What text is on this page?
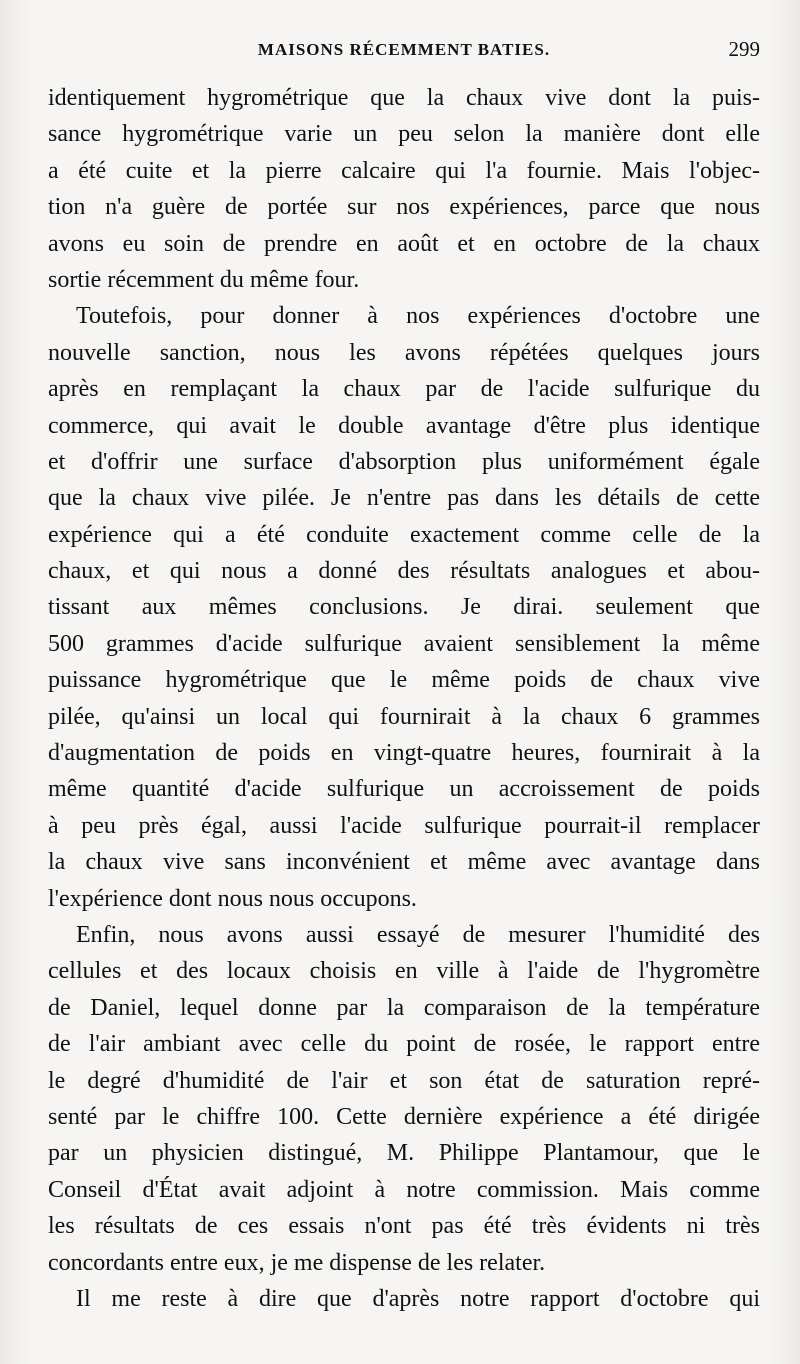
MAISONS RÉCEMMENT BATIES.	299
identiquement hygrométrique que la chaux vive dont la puis-
sance hygrométrique varie un peu selon la manière dont elle
a été cuite et la pierre calcaire qui l'a fournie. Mais l'objec-
tion n'a guère de portée sur nos expériences, parce que nous
avons eu soin de prendre en août et en octobre de la chaux
sortie récemment du même four.
Toutefois, pour donner à nos expériences d'octobre une
nouvelle sanction, nous les avons répétées quelques jours
après en remplaçant la chaux par de l'acide sulfurique du
commerce, qui avait le double avantage d'être plus identique
et d'offrir une surface d'absorption plus uniformément égale
que la chaux vive pilée. Je n'entre pas dans les détails de cette
expérience qui a été conduite exactement comme celle de la
chaux, et qui nous a donné des résultats analogues et abou-
tissant aux mêmes conclusions. Je dirai. seulement que
500 grammes d'acide sulfurique avaient sensiblement la même
puissance hygrométrique que le même poids de chaux vive
pilée, qu'ainsi un local qui fournirait à la chaux 6 grammes
d'augmentation de poids en vingt-quatre heures, fournirait à la
même quantité d'acide sulfurique un accroissement de poids
à peu près égal, aussi l'acide sulfurique pourrait-il remplacer
la chaux vive sans inconvénient et même avec avantage dans
l'expérience dont nous nous occupons.
Enfin, nous avons aussi essayé de mesurer l'humidité des
cellules et des locaux choisis en ville à l'aide de l'hygromètre
de Daniel, lequel donne par la comparaison de la température
de l'air ambiant avec celle du point de rosée, le rapport entre
le degré d'humidité de l'air et son état de saturation repré-
senté par le chiffre 100. Cette dernière expérience a été dirigée
par un physicien distingué, M. Philippe Plantamour, que le
Conseil d'État avait adjoint à notre commission. Mais comme
les résultats de ces essais n'ont pas été très évidents ni très
concordants entre eux, je me dispense de les relater.
Il me reste à dire que d'après notre rapport d'octobre qui
